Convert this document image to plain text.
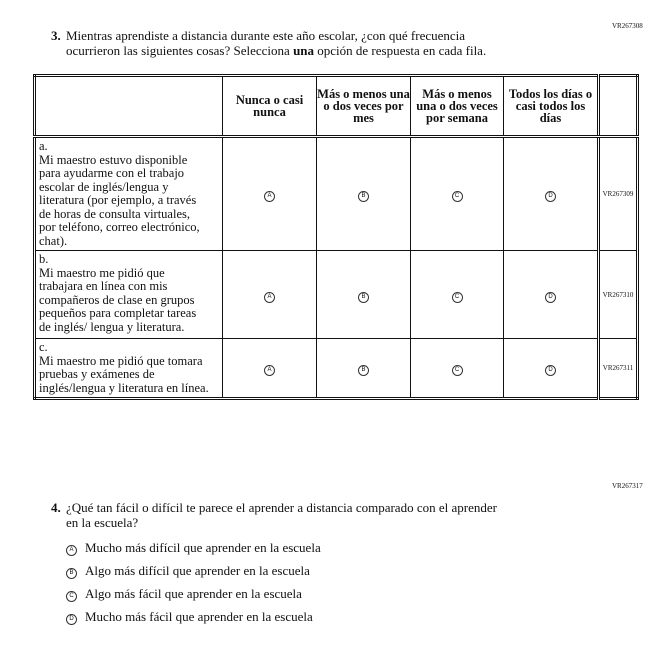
VR267308
3. Mientras aprendiste a distancia durante este año escolar, ¿con qué frecuencia
ocurrieron las siguientes cosas? Selecciona una opción de respuesta en cada fila.
	Nunca o casi nunca	Más o menos una o dos veces por mes	Más o menos una o dos veces por semana	Todos los días o casi todos los días	
a.Mi maestro estuvo disponible para ayudarme con el trabajo escolar de inglés/lengua y literatura (por ejemplo, a través de horas de consulta virtuales, por teléfono, correo electrónico, chat).	A	B	C	D	VR267309
b.Mi maestro me pidió que trabajara en línea con mis compañeros de clase en grupos pequeños para completar tareas de inglés/ lengua y literatura.	A	B	C	D	VR267310
c.Mi maestro me pidió que tomara pruebas y exámenes de inglés/lengua y literatura en línea.	A	B	C	D	VR267311
VR267317
4. ¿Qué tan fácil o difícil te parece el aprender a distancia comparado con el aprender
en la escuela?
A Mucho más difícil que aprender en la escuela
B Algo más difícil que aprender en la escuela
C Algo más fácil que aprender en la escuela
D Mucho más fácil que aprender en la escuela
